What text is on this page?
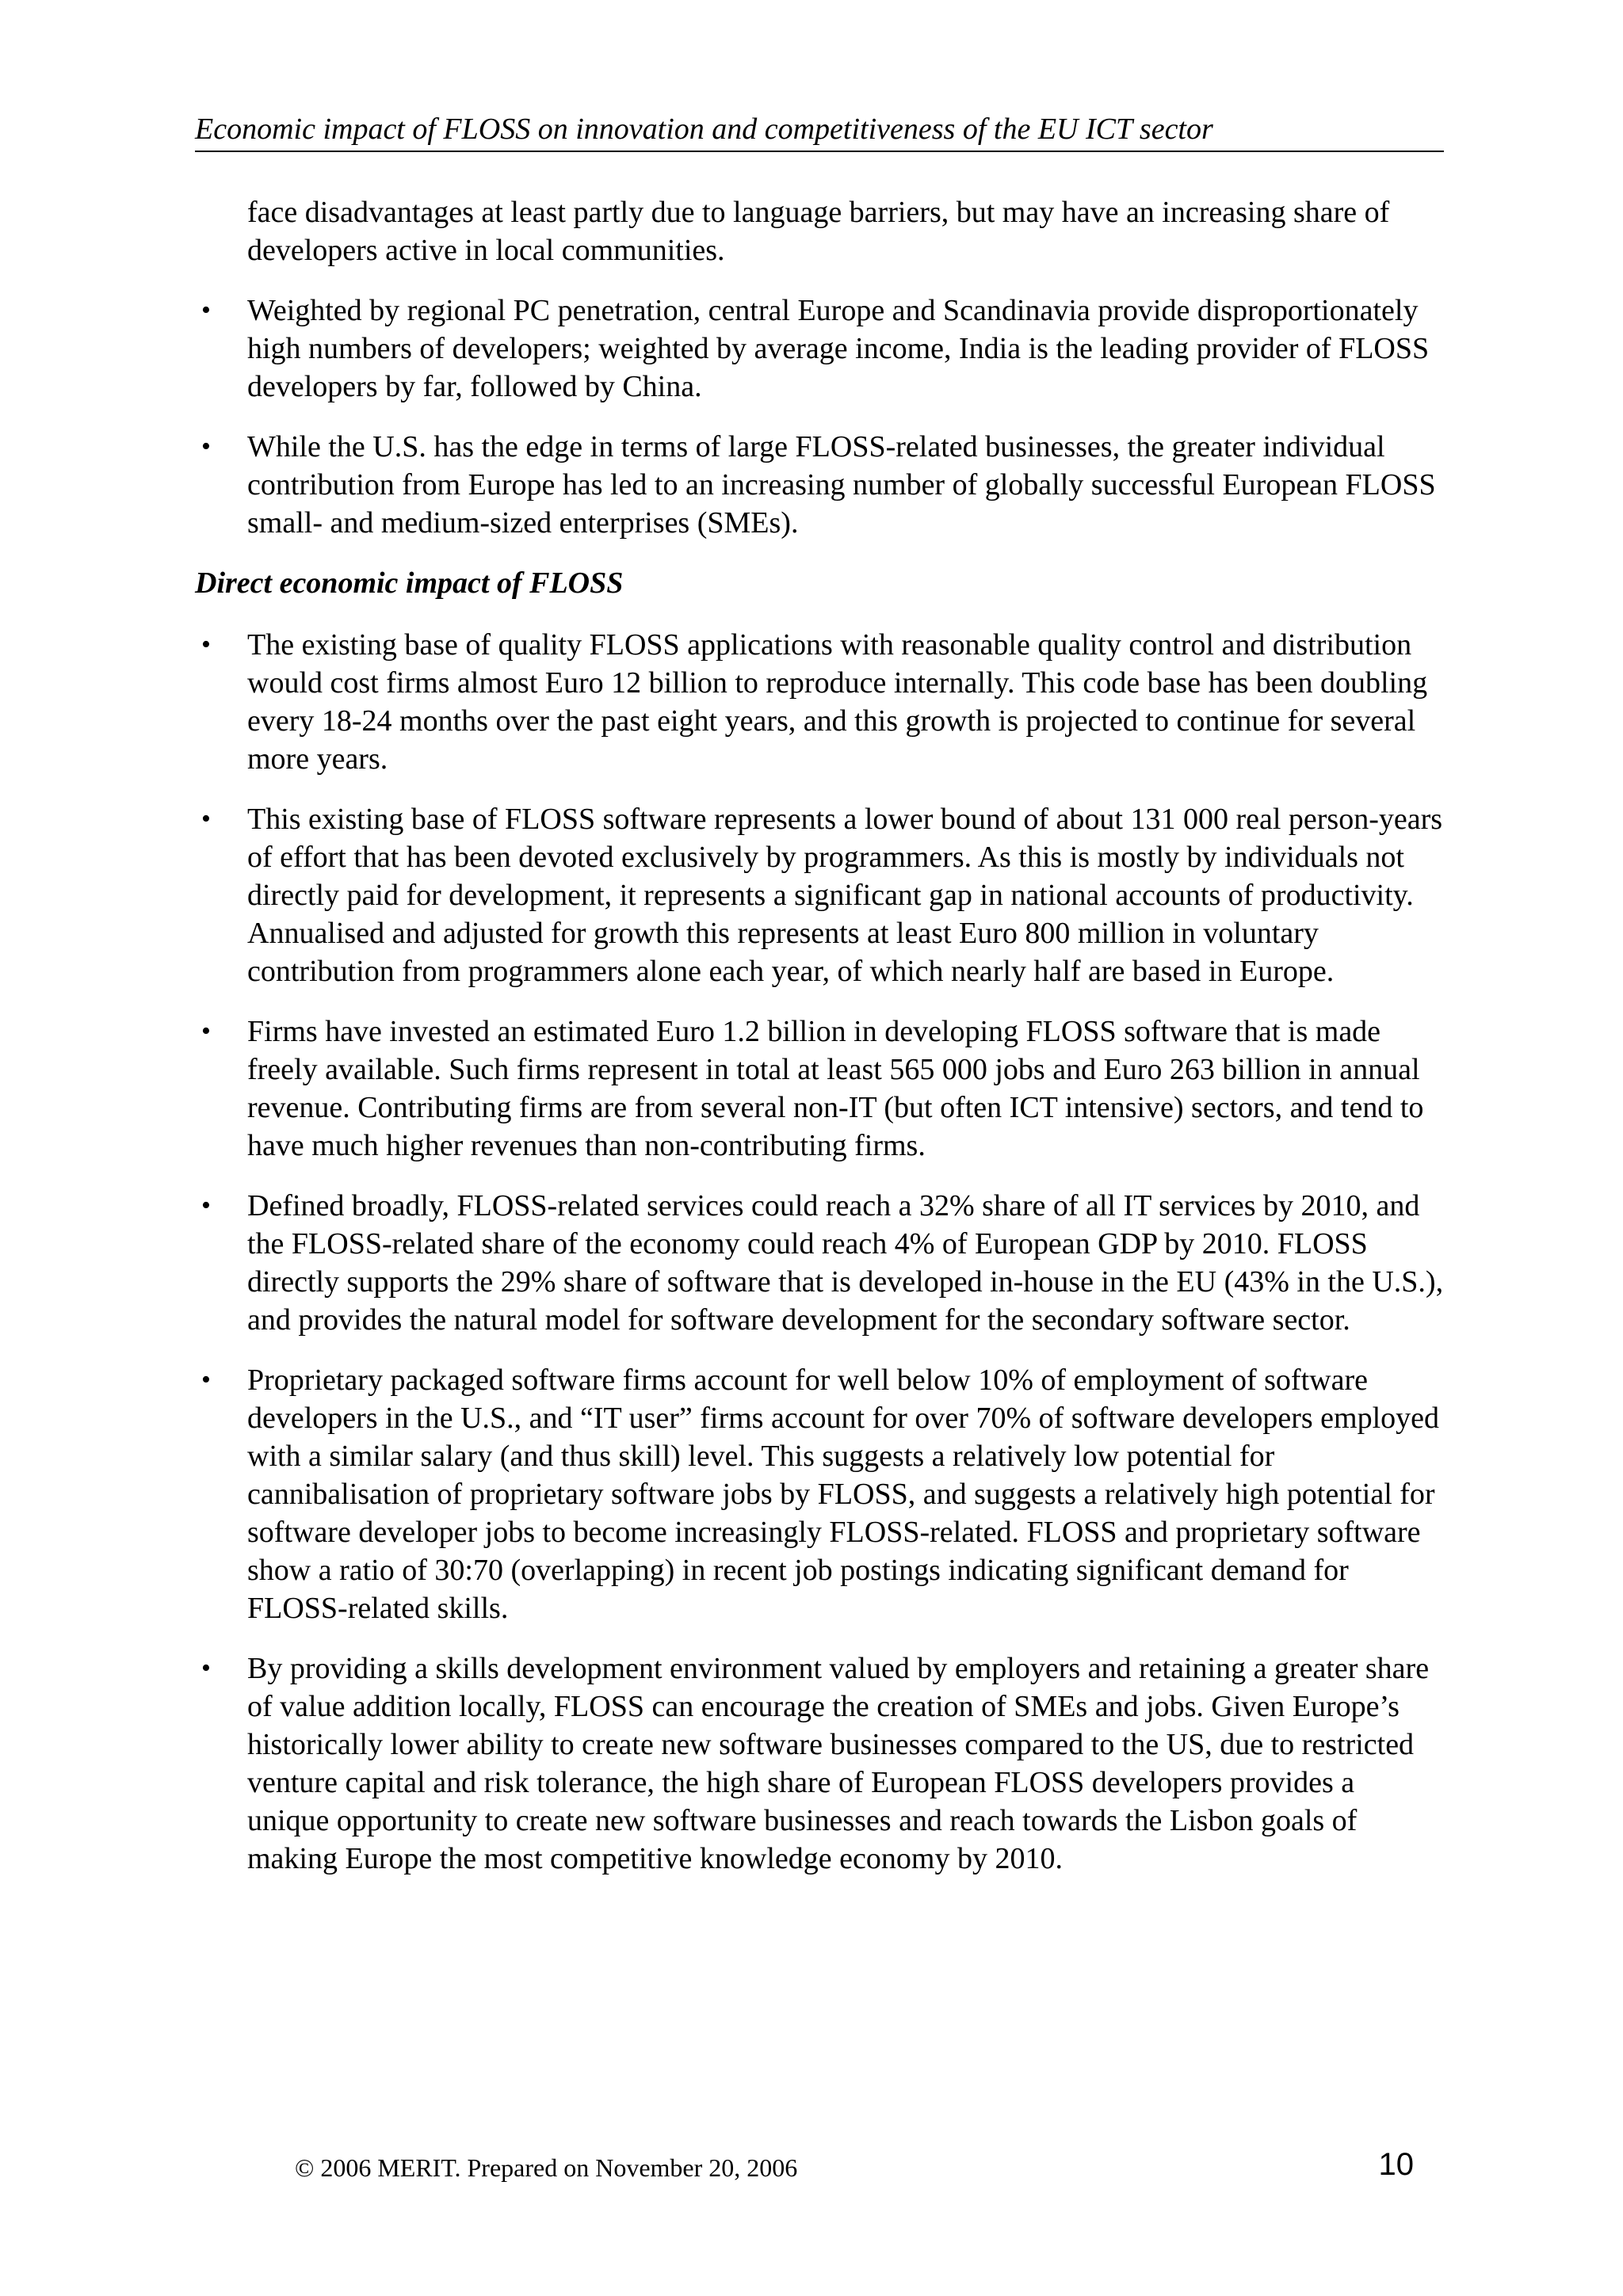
Economic impact of FLOSS on innovation and competitiveness of the EU ICT sector

face disadvantages at least partly due to language barriers, but may have an increasing share of developers active in local communities.

• Weighted by regional PC penetration, central Europe and Scandinavia provide disproportionately high numbers of developers; weighted by average income, India is the leading provider of FLOSS developers by far, followed by China.
• While the U.S. has the edge in terms of large FLOSS-related businesses, the greater individual contribution from Europe has led to an increasing number of globally successful European FLOSS small- and medium-sized enterprises (SMEs).
Direct economic impact of FLOSS
• The existing base of quality FLOSS applications with reasonable quality control and distribution would cost firms almost Euro 12 billion to reproduce internally. This code base has been doubling every 18-24 months over the past eight years, and this growth is projected to continue for several more years.
• This existing base of FLOSS software represents a lower bound of about 131 000 real person-years of effort that has been devoted exclusively by programmers. As this is mostly by individuals not directly paid for development, it represents a significant gap in national accounts of productivity. Annualised and adjusted for growth this represents at least Euro 800 million in voluntary contribution from programmers alone each year, of which nearly half are based in Europe.
• Firms have invested an estimated Euro 1.2 billion in developing FLOSS software that is made freely available. Such firms represent in total at least 565 000 jobs and Euro 263 billion in annual revenue. Contributing firms are from several non-IT (but often ICT intensive) sectors, and tend to have much higher revenues than non-contributing firms.
• Defined broadly, FLOSS-related services could reach a 32% share of all IT services by 2010, and the FLOSS-related share of the economy could reach 4% of European GDP by 2010. FLOSS directly supports the 29% share of software that is developed in-house in the EU (43% in the U.S.), and provides the natural model for software development for the secondary software sector.
• Proprietary packaged software firms account for well below 10% of employment of software developers in the U.S., and “IT user” firms account for over 70% of software developers employed with a similar salary (and thus skill) level. This suggests a relatively low potential for cannibalisation of proprietary software jobs by FLOSS, and suggests a relatively high potential for software developer jobs to become increasingly FLOSS-related. FLOSS and proprietary software show a ratio of 30:70 (overlapping) in recent job postings indicating significant demand for FLOSS-related skills.
• By providing a skills development environment valued by employers and retaining a greater share of value addition locally, FLOSS can encourage the creation of SMEs and jobs. Given Europe’s historically lower ability to create new software businesses compared to the US, due to restricted venture capital and risk tolerance, the high share of European FLOSS developers provides a unique opportunity to create new software businesses and reach towards the Lisbon goals of making Europe the most competitive knowledge economy by 2010.
© 2006 MERIT. Prepared on November 20, 2006	10
